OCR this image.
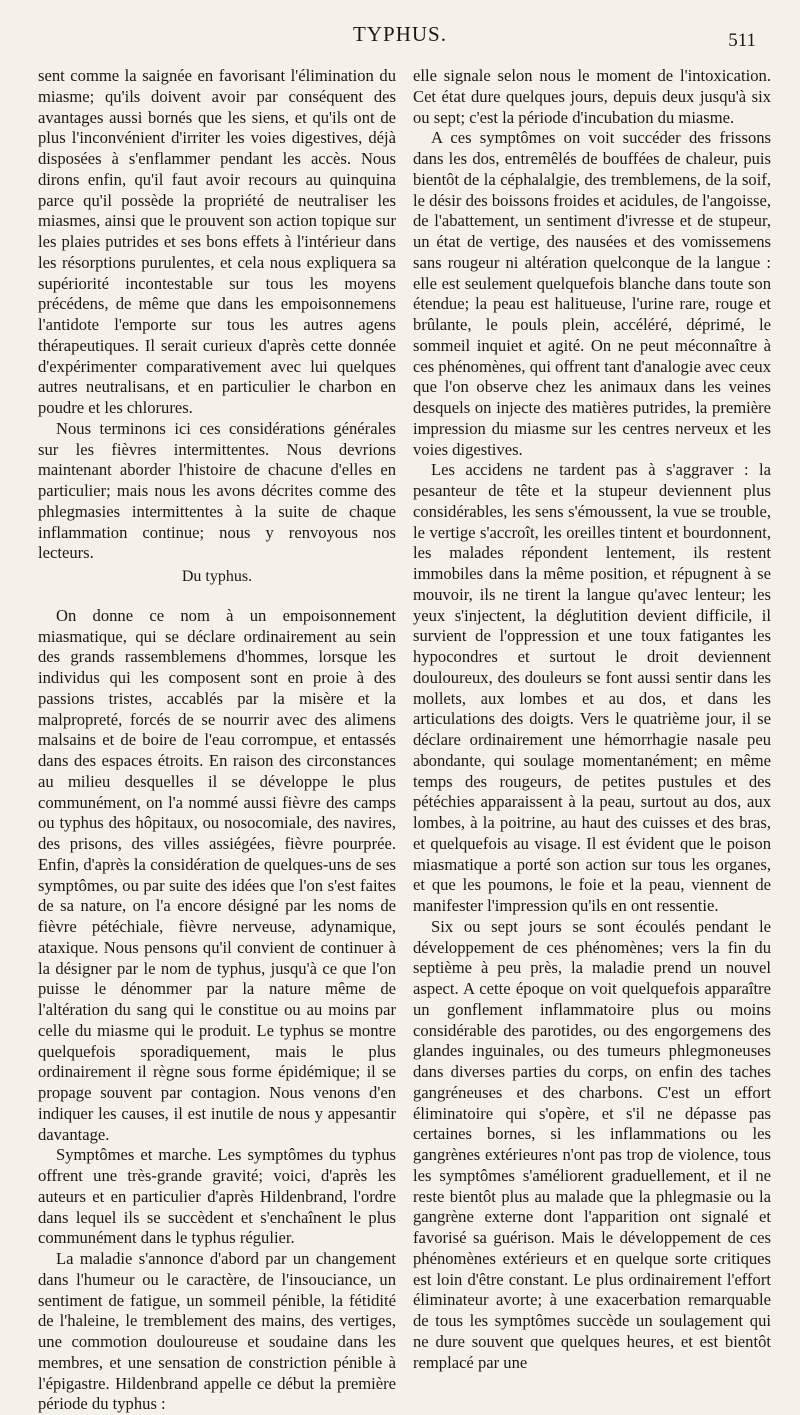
TYPHUS.	511

sent comme la saignée en favorisant l'élimination du miasme; qu'ils doivent avoir par conséquent des avantages aussi bornés que les siens, et qu'ils ont de plus l'inconvénient d'irriter les voies digestives, déjà disposées à s'enflammer pendant les accès. Nous dirons enfin, qu'il faut avoir recours au quinquina parce qu'il possède la propriété de neutraliser les miasmes, ainsi que le prouvent son action topique sur les plaies putrides et ses bons effets à l'intérieur dans les résorptions purulentes, et cela nous expliquera sa supériorité incontestable sur tous les moyens précédens, de même que dans les empoisonnemens l'antidote l'emporte sur tous les autres agens thérapeutiques. Il serait curieux d'après cette donnée d'expérimenter comparativement avec lui quelques autres neutralisans, et en particulier le charbon en poudre et les chlorures.

Nous terminons ici ces considérations générales sur les fièvres intermittentes. Nous devrions maintenant aborder l'histoire de chacune d'elles en particulier; mais nous les avons décrites comme des phlegmasies intermittentes à la suite de chaque inflammation continue; nous y renvoyous nos lecteurs.

Du typhus.

On donne ce nom à un empoisonnement miasmatique, qui se déclare ordinairement au sein des grands rassemblemens d'hommes, lorsque les individus qui les composent sont en proie à des passions tristes, accablés par la misère et la malpropreté, forcés de se nourrir avec des alimens malsains et de boire de l'eau corrompue, et entassés dans des espaces étroits. En raison des circonstances au milieu desquelles il se développe le plus communément, on l'a nommé aussi fièvre des camps ou typhus des hôpitaux, ou nosocomiale, des navires, des prisons, des villes assiégées, fièvre pourprée. Enfin, d'après la considération de quelques-uns de ses symptômes, ou par suite des idées que l'on s'est faites de sa nature, on l'a encore désigné par les noms de fièvre pétéchiale, fièvre nerveuse, adynamique, ataxique. Nous pensons qu'il convient de continuer à la désigner par le nom de typhus, jusqu'à ce que l'on puisse le dénommer par la nature même de l'altération du sang qui le constitue ou au moins par celle du miasme qui le produit. Le typhus se montre quelquefois sporadiquement, mais le plus ordinairement il règne sous forme épidémique; il se propage souvent par contagion. Nous venons d'en indiquer les causes, il est inutile de nous y appesantir davantage.

Symptômes et marche. Les symptômes du typhus offrent une très-grande gravité; voici, d'après les auteurs et en particulier d'après Hildenbrand, l'ordre dans lequel ils se succèdent et s'enchaînent le plus communément dans le typhus régulier.

La maladie s'annonce d'abord par un changement dans l'humeur ou le caractère, de l'insouciance, un sentiment de fatigue, un sommeil pénible, la fétidité de l'haleine, le tremblement des mains, des vertiges, une commotion douloureuse et soudaine dans les membres, et une sensation de constriction pénible à l'épigastre. Hildenbrand appelle ce début la première période du typhus :

elle signale selon nous le moment de l'intoxication. Cet état dure quelques jours, depuis deux jusqu'à six ou sept; c'est la période d'incubation du miasme.

A ces symptômes on voit succéder des frissons dans les dos, entremêlés de bouffées de chaleur, puis bientôt de la céphalalgie, des tremblemens, de la soif, le désir des boissons froides et acidules, de l'angoisse, de l'abattement, un sentiment d'ivresse et de stupeur, un état de vertige, des nausées et des vomissemens sans rougeur ni altération quelconque de la langue : elle est seulement quelquefois blanche dans toute son étendue; la peau est halitueuse, l'urine rare, rouge et brûlante, le pouls plein, accéléré, déprimé, le sommeil inquiet et agité. On ne peut méconnaître à ces phénomènes, qui offrent tant d'analogie avec ceux que l'on observe chez les animaux dans les veines desquels on injecte des matières putrides, la première impression du miasme sur les centres nerveux et les voies digestives.

Les accidens ne tardent pas à s'aggraver : la pesanteur de tête et la stupeur deviennent plus considérables, les sens s'émoussent, la vue se trouble, le vertige s'accroît, les oreilles tintent et bourdonnent, les malades répondent lentement, ils restent immobiles dans la même position, et répugnent à se mouvoir, ils ne tirent la langue qu'avec lenteur; les yeux s'injectent, la déglutition devient difficile, il survient de l'oppression et une toux fatigantes les hypocondres et surtout le droit deviennent douloureux, des douleurs se font aussi sentir dans les mollets, aux lombes et au dos, et dans les articulations des doigts. Vers le quatrième jour, il se déclare ordinairement une hémorrhagie nasale peu abondante, qui soulage momentanément; en même temps des rougeurs, de petites pustules et des pétéchies apparaissent à la peau, surtout au dos, aux lombes, à la poitrine, au haut des cuisses et des bras, et quelquefois au visage. Il est évident que le poison miasmatique a porté son action sur tous les organes, et que les poumons, le foie et la peau, viennent de manifester l'impression qu'ils en ont ressentie.

Six ou sept jours se sont écoulés pendant le développement de ces phénomènes; vers la fin du septième à peu près, la maladie prend un nouvel aspect. A cette époque on voit quelquefois apparaître un gonflement inflammatoire plus ou moins considérable des parotides, ou des engorgemens des glandes inguinales, ou des tumeurs phlegmoneuses dans diverses parties du corps, on enfin des taches gangréneuses et des charbons. C'est un effort éliminatoire qui s'opère, et s'il ne dépasse pas certaines bornes, si les inflammations ou les gangrènes extérieures n'ont pas trop de violence, tous les symptômes s'améliorent graduellement, et il ne reste bientôt plus au malade que la phlegmasie ou la gangrène externe dont l'apparition ont signalé et favorisé sa guérison. Mais le développement de ces phénomènes extérieurs et en quelque sorte critiques est loin d'être constant. Le plus ordinairement l'effort éliminateur avorte; à une exacerbation remarquable de tous les symptômes succède un soulagement qui ne dure souvent que quelques heures, et est bientôt remplacé par une
